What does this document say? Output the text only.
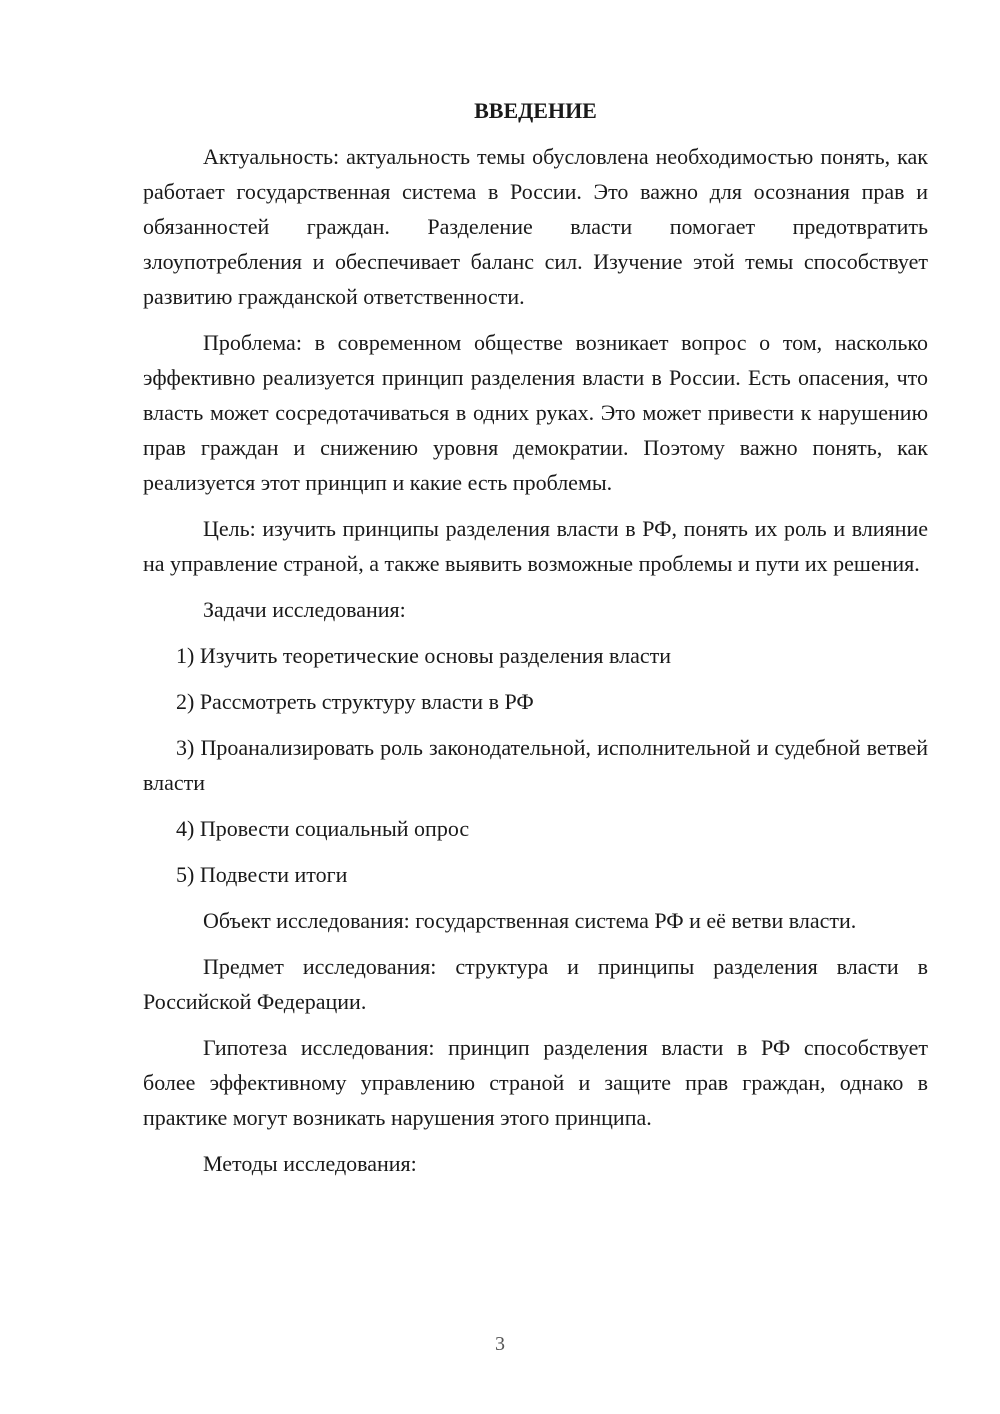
ВВЕДЕНИЕ

Актуальность: актуальность темы обусловлена необходимостью понять, как работает государственная система в России. Это важно для осознания прав и обязанностей граждан. Разделение власти помогает предотвратить злоупотребления и обеспечивает баланс сил. Изучение этой темы способствует развитию гражданской ответственности.

Проблема: в современном обществе возникает вопрос о том, насколько эффективно реализуется принцип разделения власти в России. Есть опасения, что власть может сосредотачиваться в одних руках. Это может привести к нарушению прав граждан и снижению уровня демократии. Поэтому важно понять, как реализуется этот принцип и какие есть проблемы.

Цель: изучить принципы разделения власти в РФ, понять их роль и влияние на управление страной, а также выявить возможные проблемы и пути их решения.

Задачи исследования:

1) Изучить теоретические основы разделения власти

2) Рассмотреть структуру власти в РФ

3) Проанализировать роль законодательной, исполнительной и судебной ветвей власти

4) Провести социальный опрос

5) Подвести итоги

Объект исследования: государственная система РФ и её ветви власти.

Предмет исследования: структура и принципы разделения власти в Российской Федерации.

Гипотеза исследования: принцип разделения власти в РФ способствует более эффективному управлению страной и защите прав граждан, однако в практике могут возникать нарушения этого принципа.

Методы исследования:

3
